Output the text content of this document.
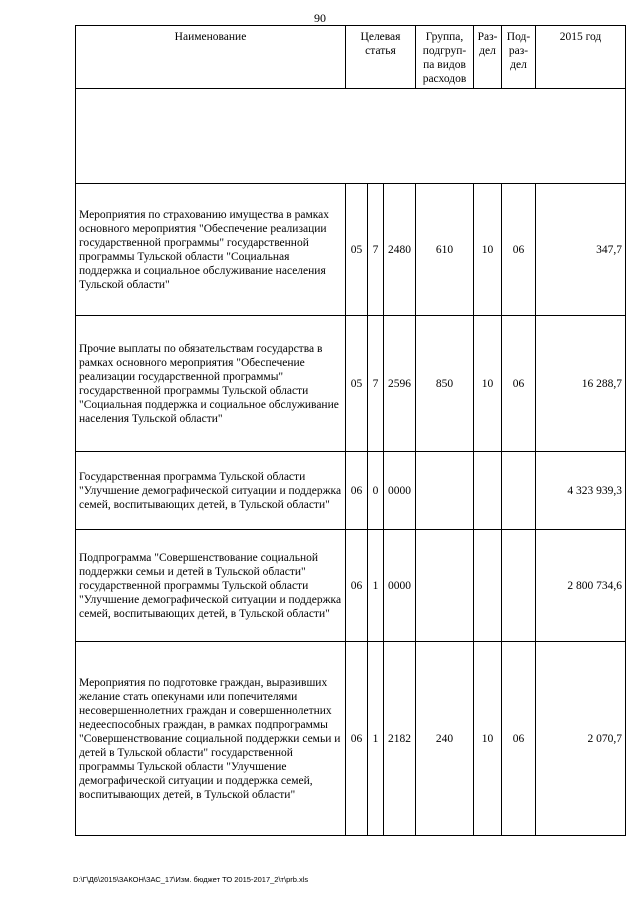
90
Наименование	Целевая статья			Группа, подгруп-па видов расходов	Раз-дел	Под-раз-дел	2015 год

Мероприятия по страхованию имущества в рамках основного мероприятия "Обеспечение реализации государственной программы" государственной программы Тульской области "Социальная поддержка и социальное обслуживание населения Тульской области"	05	7	2480	610	10	06	347,7
Прочие выплаты по обязательствам государства в рамках основного мероприятия "Обеспечение реализации государственной программы" государственной программы Тульской области "Социальная поддержка и социальное обслуживание населения Тульской области"	05	7	2596	850	10	06	16 288,7
Государственная программа Тульской области "Улучшение демографической ситуации и поддержка семей, воспитывающих детей, в Тульской области"	06	0	0000				4 323 939,3
Подпрограмма "Совершенствование социальной поддержки семьи и детей в Тульской области" государственной программы Тульской области "Улучшение демографической ситуации и поддержка семей, воспитывающих детей, в Тульской области"	06	1	0000				2 800 734,6
Мероприятия по подготовке граждан, выразивших желание стать опекунами или попечителями несовершеннолетних граждан и совершеннолетних недееспособных граждан, в рамках подпрограммы "Совершенствование социальной поддержки семьи и детей в Тульской области" государственной программы Тульской области "Улучшение демографической ситуации и поддержка семей, воспитывающих детей, в Тульской области"	06	1	2182	240	10	06	2 070,7
D:\Г\Д6\2015\ЗАКОН\ЗАС_17\Изм. бюджет ТО 2015-2017_2\т\prb.xls
